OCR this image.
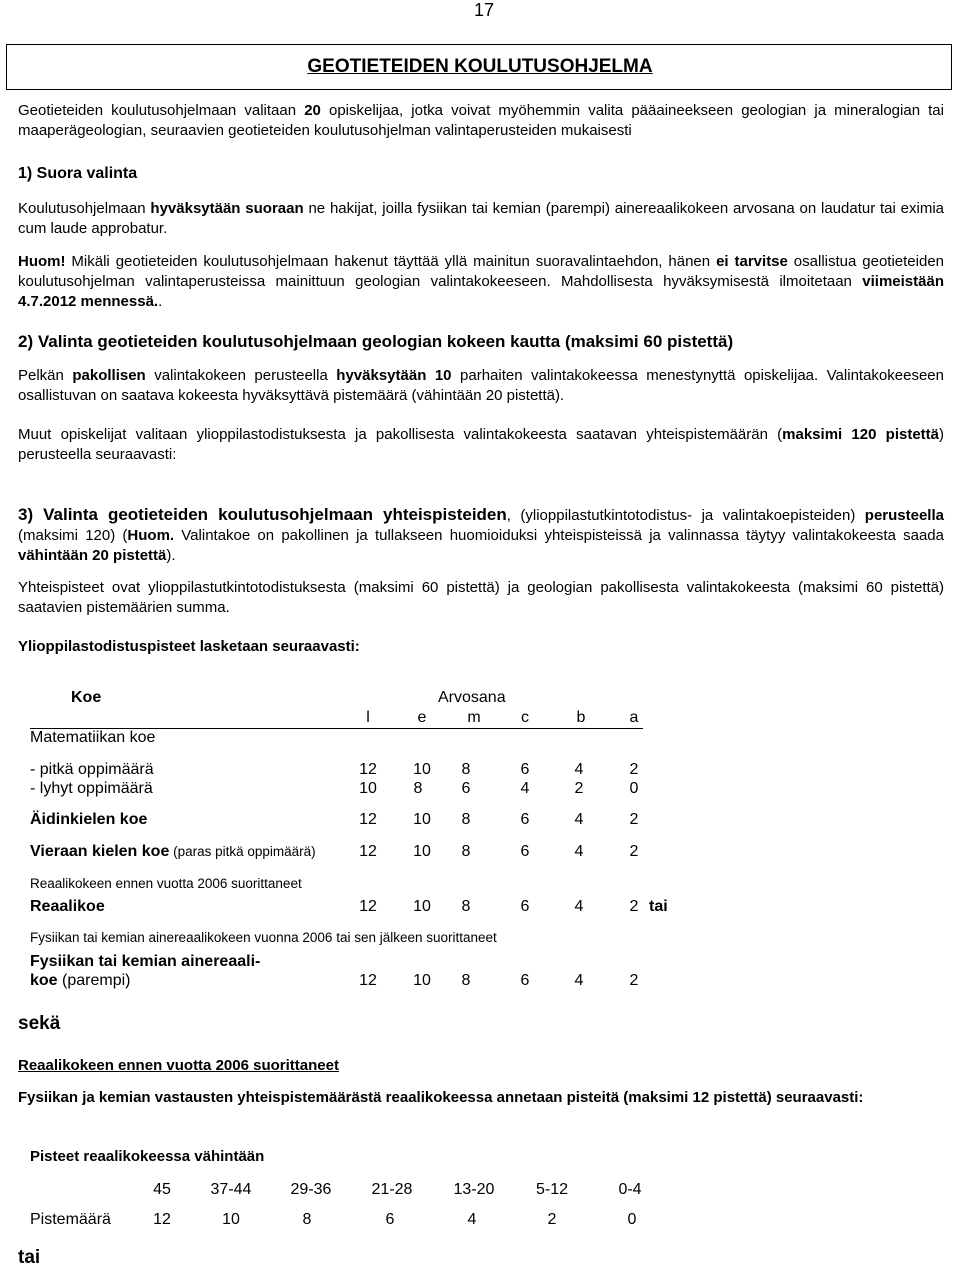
17
GEOTIETEIDEN KOULUTUSOHJELMA
Geotieteiden koulutusohjelmaan valitaan 20 opiskelijaa, jotka voivat myöhemmin valita pääaineekseen geologian ja mineralogian tai maaperägeologian, seuraavien geotieteiden koulutusohjelman valintaperusteiden mukaisesti
1) Suora valinta
Koulutusohjelmaan hyväksytään suoraan ne hakijat, joilla fysiikan tai kemian (parempi) ainereaalikokeen arvosana on laudatur tai eximia cum laude approbatur.
Huom! Mikäli geotieteiden koulutusohjelmaan hakenut täyttää yllä mainitun suoravalintaehdon, hänen ei tarvitse osallistua geotieteiden koulutusohjelman valintaperusteissa mainittuun geologian valintakokeeseen. Mahdollisesta hyväksymisestä ilmoitetaan viimeistään 4.7.2012 mennessä..
2) Valinta geotieteiden koulutusohjelmaan geologian kokeen kautta (maksimi 60 pistettä)
Pelkän pakollisen valintakokeen perusteella hyväksytään 10 parhaiten valintakokeessa menestynyttä opiskelijaa. Valintakokeeseen osallistuvan on saatava kokeesta hyväksyttävä pistemäärä (vähintään 20 pistettä).
Muut opiskelijat valitaan ylioppilastodistuksesta ja pakollisesta valintakokeesta saatavan yhteispistemäärän (maksimi 120 pistettä) perusteella seuraavasti:
3) Valinta geotieteiden koulutusohjelmaan yhteispisteiden, (ylioppilastutkintotodistus- ja valintakoepisteiden) perusteella (maksimi 120) (Huom. Valintakoe on pakollinen ja tullakseen huomioiduksi yhteispisteissä ja valinnassa täytyy valintakokeesta saada vähintään 20 pistettä).
Yhteispisteet ovat ylioppilastutkintotodistuksesta (maksimi 60 pistettä) ja geologian pakollisesta valintakokeesta (maksimi 60 pistettä) saatavien pistemäärien summa.
Ylioppilastodistuspisteet lasketaan seuraavasti:
Koe	Arvosana
l	e	m	c	b	a
Matematiikan koe
- pitkä oppimäärä	12	10	8	6	4	2
- lyhyt oppimäärä	10	8	6	4	2	0
Äidinkielen koe	12	10	8	6	4	2
Vieraan kielen koe (paras pitkä oppimäärä)	12	10	8	6	4	2
Reaalikokeen ennen vuotta 2006 suorittaneet
Reaalikoe	12	10	8	6	4	2 tai
Fysiikan tai kemian ainereaalikokeen vuonna 2006 tai sen jälkeen suorittaneet
Fysiikan tai kemian ainereaali-
koe (parempi)	12	10	8	6	4	2
sekä
Reaalikokeen ennen vuotta 2006 suorittaneet
Fysiikan ja kemian vastausten yhteispistemäärästä reaalikokeessa annetaan pisteitä (maksimi 12 pistettä) seuraavasti:
Pisteet reaalikokeessa vähintään
45	37-44 29-36	21-28	13-20	5-12	0-4
Pistemäärä	12	10	8	6	4	2	0
tai
